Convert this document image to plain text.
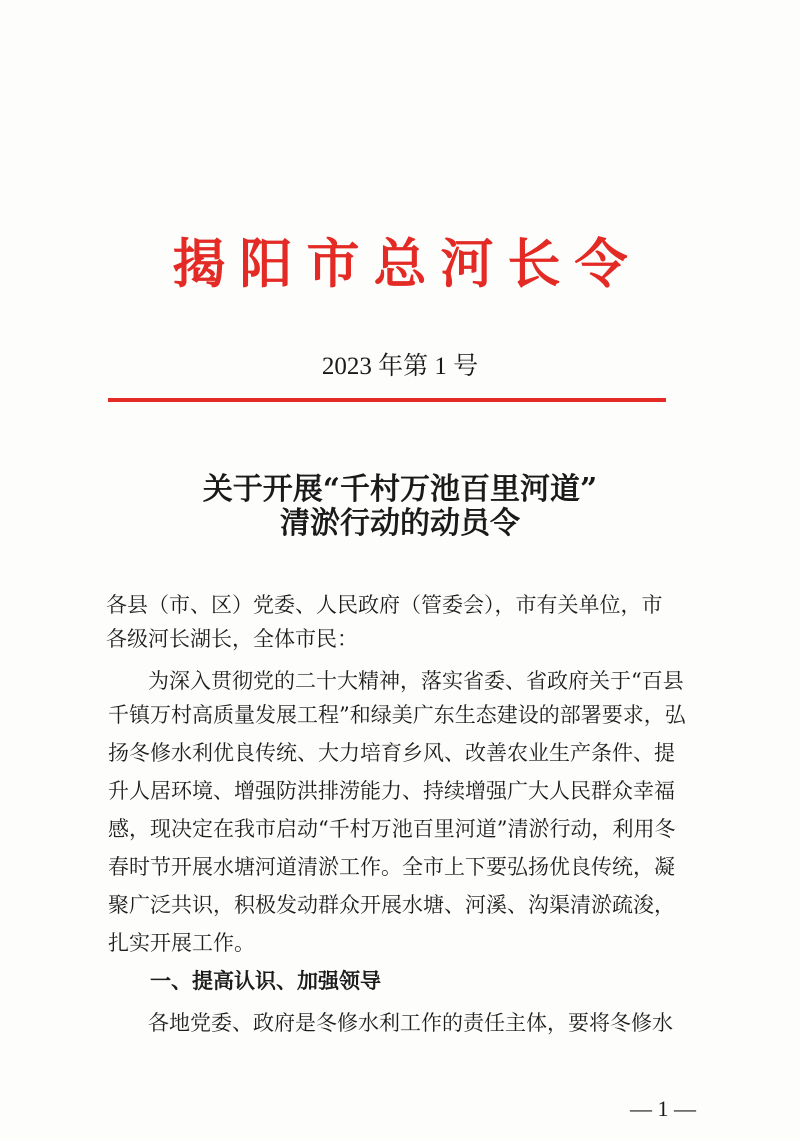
揭阳市总河长令
2023 年第 1 号
关于开展“千村万池百里河道”
清淤行动的动员令
各县（市、区）党委、人民政府（管委会），市有关单位，市
各级河长湖长，全体市民：
为深入贯彻党的二十大精神，落实省委、省政府关于“百县
千镇万村高质量发展工程”和绿美广东生态建设的部署要求，弘
扬冬修水利优良传统、大力培育乡风、改善农业生产条件、提
升人居环境、增强防洪排涝能力、持续增强广大人民群众幸福
感，现决定在我市启动“千村万池百里河道”清淤行动，利用冬
春时节开展水塘河道清淤工作。全市上下要弘扬优良传统，凝
聚广泛共识，积极发动群众开展水塘、河溪、沟渠清淤疏浚，
扎实开展工作。
一、提高认识、加强领导
各地党委、政府是冬修水利工作的责任主体，要将冬修水
— 1 —
